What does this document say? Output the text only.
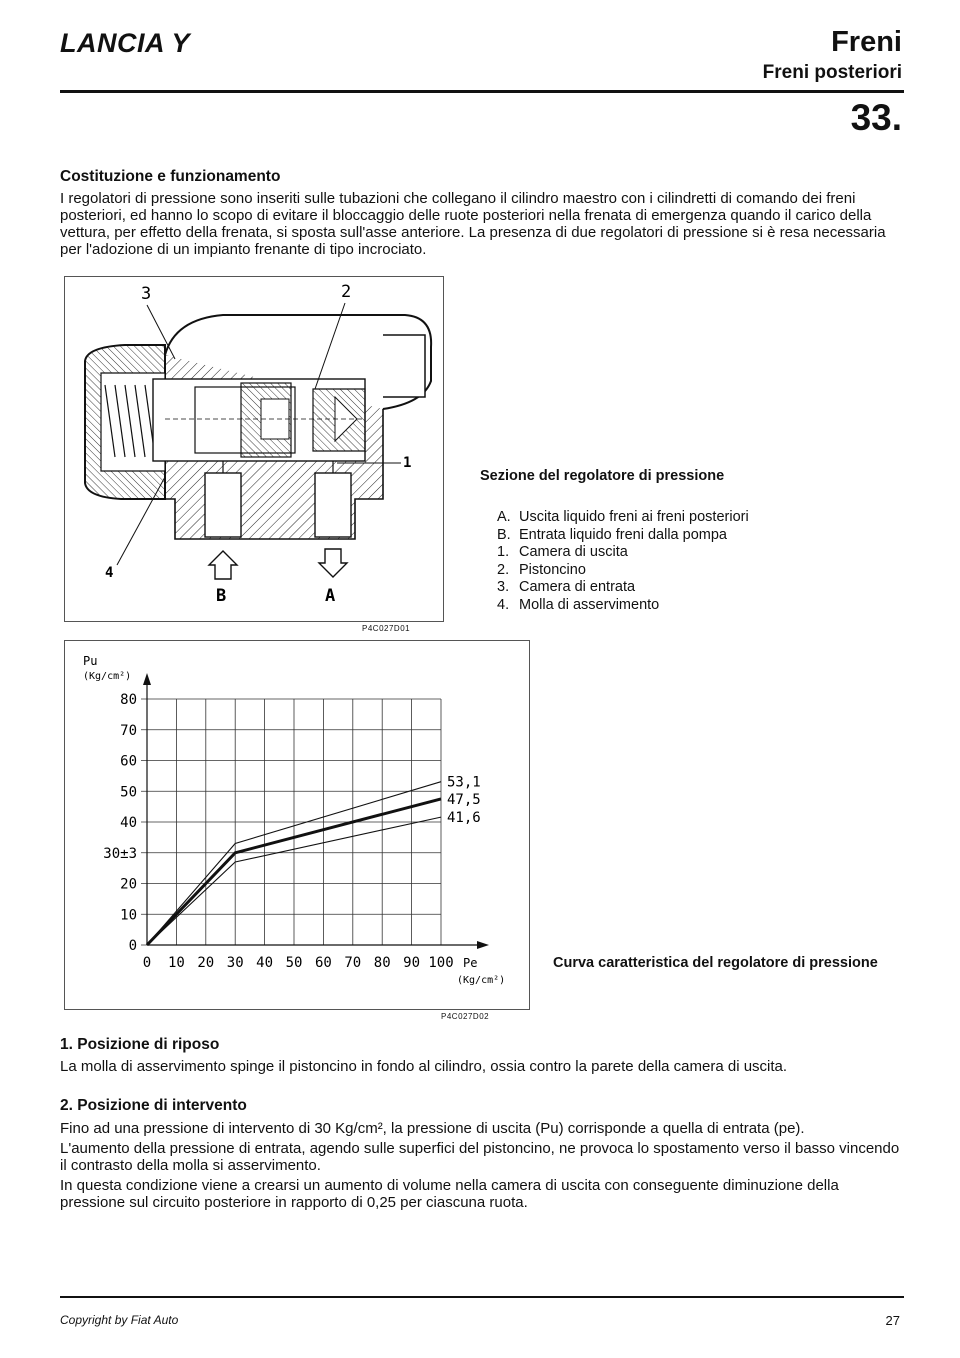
LANCIA Y	Freni
Freni posteriori
33.
Costituzione e funzionamento
I regolatori di pressione sono inseriti sulle tubazioni che collegano il cilindro maestro con i cilindretti di comando dei freni posteriori, ed hanno lo scopo di evitare il bloccaggio delle ruote posteriori nella frenata di emergenza quando il carico della vettura, per effetto della frenata, si sposta sull'asse anteriore. La presenza di due regolatori di pressione si è resa necessaria per l'adozione di un impianto frenante di tipo incrociato.
3	2
1
4
B	A
P4C027D01
Sezione del regolatore di pressione
A. Uscita liquido freni ai freni posteriori
B. Entrata liquido freni dalla pompa
1. Camera di uscita
2. Pistoncino
3. Camera di entrata
4. Molla di asservimento
Pu
(Kg/cm²)
Pe
(Kg/cm²)
0
10
20
30±3
40
50
60
70
80
0 10 20 30 40 50 60 70 80 90 100
53,1
47,5
41,6
P4C027D02
Curva caratteristica del regolatore di pressione
1. Posizione di riposo
La molla di asservimento spinge il pistoncino in fondo al cilindro, ossia contro la parete della camera di uscita.
2. Posizione di intervento
Fino ad una pressione di intervento di 30 Kg/cm², la pressione di uscita (Pu) corrisponde a quella di entrata (pe).
L'aumento della pressione di entrata, agendo sulle superfici del pistoncino, ne provoca lo spostamento verso il basso vincendo il contrasto della molla si asservimento.
In questa condizione viene a crearsi un aumento di volume nella camera di uscita con conseguente diminuzione della pressione sul circuito posteriore in rapporto di 0,25 per ciascuna ruota.
Copyright by Fiat Auto	27
